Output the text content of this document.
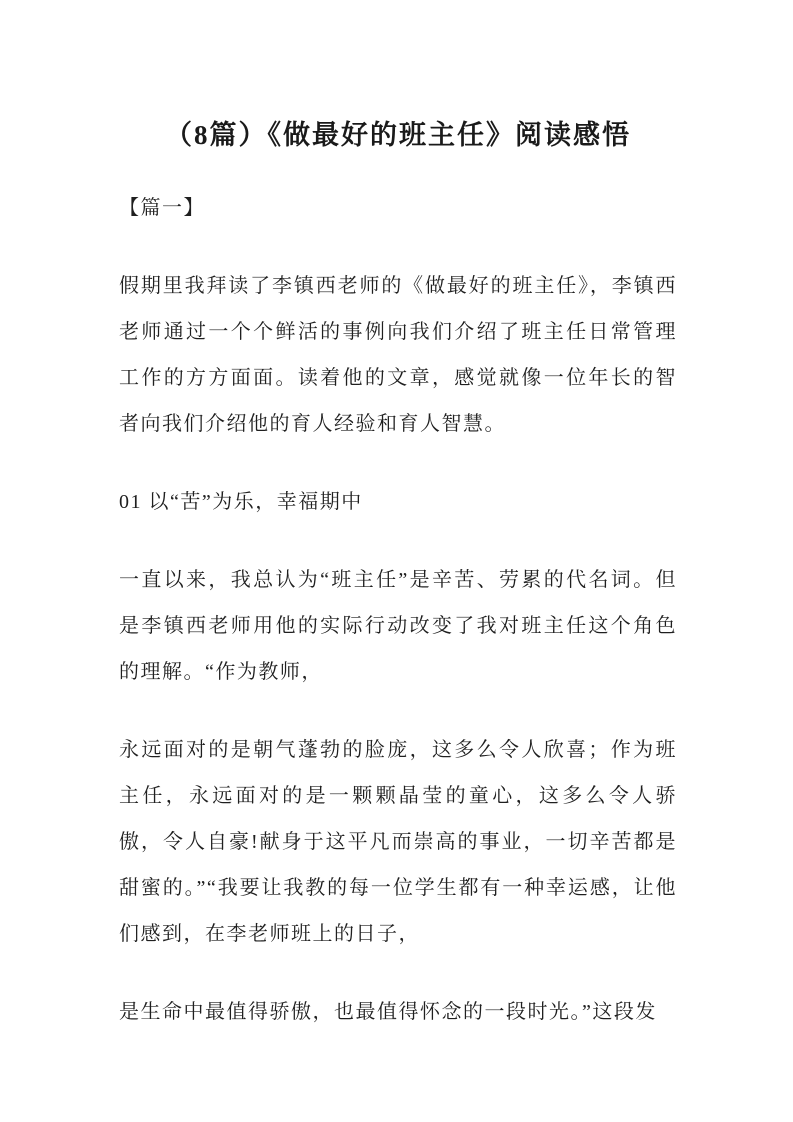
（8篇）《做最好的班主任》阅读感悟

【篇一】

假期里我拜读了李镇西老师的《做最好的班主任》，李镇西老师通过一个个鲜活的事例向我们介绍了班主任日常管理工作的方方面面。读着他的文章，感觉就像一位年长的智者向我们介绍他的育人经验和育人智慧。

01 以“苦”为乐，幸福期中

一直以来，我总认为“班主任”是辛苦、劳累的代名词。但是李镇西老师用他的实际行动改变了我对班主任这个角色的理解。“作为教师，

永远面对的是朝气蓬勃的脸庞，这多么令人欣喜；作为班主任，永远面对的是一颗颗晶莹的童心，这多么令人骄傲，令人自豪!献身于这平凡而崇高的事业，一切辛苦都是甜蜜的。”“我要让我教的每一位学生都有一种幸运感，让他们感到，在李老师班上的日子，

是生命中最值得骄傲，也最值得怀念的一段时光。”这段发
